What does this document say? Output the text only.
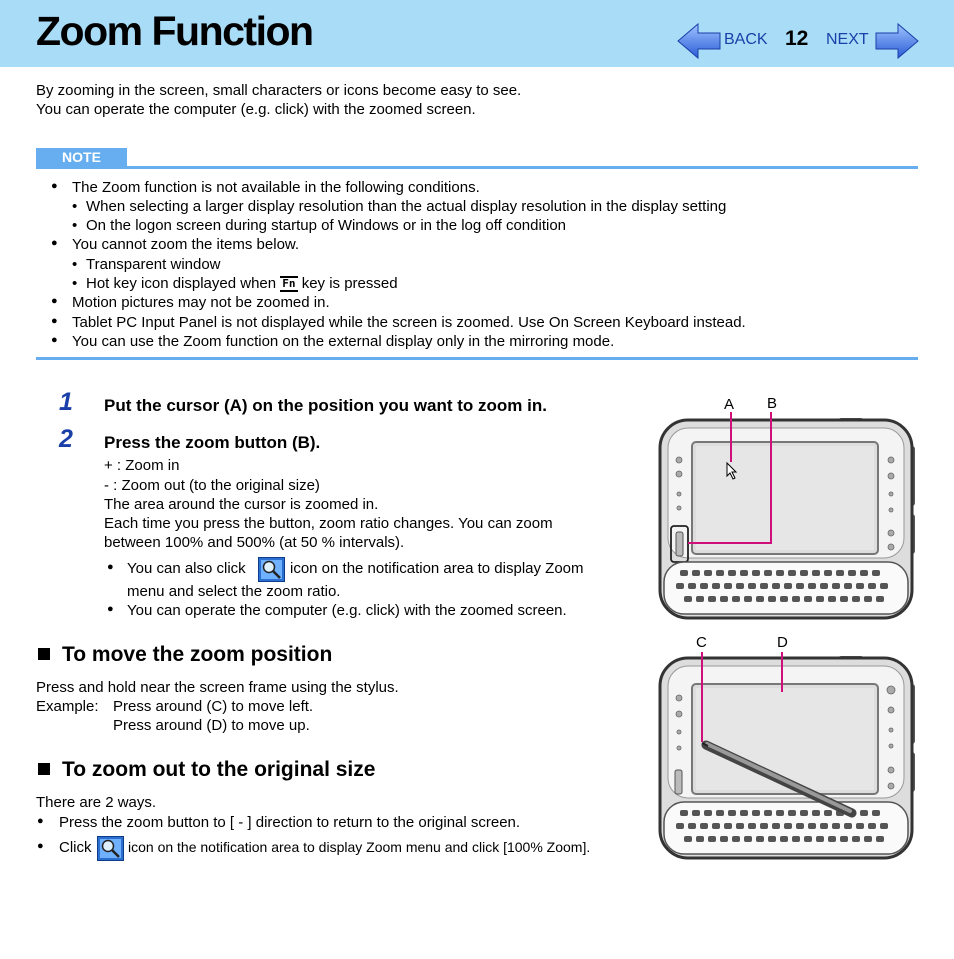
Zoom Function	BACK 12 NEXT
By zooming in the screen, small characters or icons become easy to see.
You can operate the computer (e.g. click) with the zoomed screen.
NOTE
● The Zoom function is not available in the following conditions.
• When selecting a larger display resolution than the actual display resolution in the display setting
• On the logon screen during startup of Windows or in the log off condition
● You cannot zoom the items below.
• Transparent window
• Hot key icon displayed when Fn key is pressed
● Motion pictures may not be zoomed in.
● Tablet PC Input Panel is not displayed while the screen is zoomed. Use On Screen Keyboard instead.
● You can use the Zoom function on the external display only in the mirroring mode.
1 Put the cursor (A) on the position you want to zoom in.
2 Press the zoom button (B).
+ : Zoom in
- : Zoom out (to the original size)
The area around the cursor is zoomed in.
Each time you press the button, zoom ratio changes. You can zoom
between 100% and 500% (at 50 % intervals).
● You can also click	icon on the notification area to display Zoom
menu and select the zoom ratio.
● You can operate the computer (e.g. click) with the zoomed screen.
To move the zoom position
Press and hold near the screen frame using the stylus.
Example: Press around (C) to move left.
Press around (D) to move up.
To zoom out to the original size
There are 2 ways.
● Press the zoom button to [ - ] direction to return to the original screen.
● Click	icon on the notification area to display Zoom menu and click [100% Zoom].
A B
C	D
